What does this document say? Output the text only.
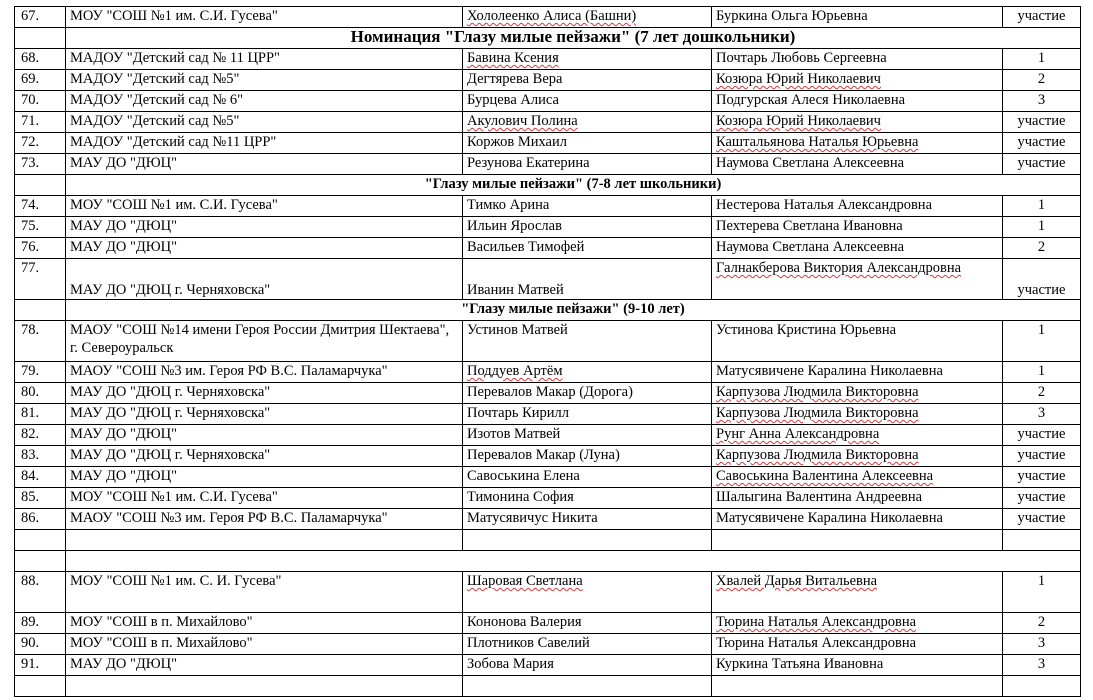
67.	МОУ "СОШ №1 им. С.И. Гусева"	Хололеенко Алиса (Башни)	Буркина Ольга Юрьевна	участие
	Номинация "Глазу милые пейзажи" (7 лет дошкольники)			
68.	МАДОУ "Детский сад № 11 ЦРР"	Бавина Ксения	Почтарь Любовь Сергеевна	1
69.	МАДОУ "Детский сад №5"	Дегтярева Вера	Козюра Юрий Николаевич	2
70.	МАДОУ "Детский сад № 6"	Бурцева Алиса	Подгурская Алеся Николаевна	3
71.	МАДОУ "Детский сад №5"	Акулович Полина	Козюра Юрий Николаевич	участие
72.	МАДОУ "Детский сад №11 ЦРР"	Коржов Михаил	Каштальянова Наталья Юрьевна	участие
73.	МАУ ДО "ДЮЦ"	Резунова Екатерина	Наумова Светлана Алексеевна	участие
	"Глазу милые пейзажи" (7-8 лет школьники)			
74.	МОУ "СОШ №1 им. С.И. Гусева"	Тимко Арина	Нестерова Наталья Александровна	1
75.	МАУ ДО "ДЮЦ"	Ильин Ярослав	Пехтерева Светлана Ивановна	1
76.	МАУ ДО "ДЮЦ"	Васильев Тимофей	Наумова Светлана Алексеевна	2
77.	МАУ ДО "ДЮЦ г. Черняховска"	Иванин Матвей	Галнакберова Виктория Александровна	участие
	"Глазу милые пейзажи" (9-10 лет)			
78.	МАОУ "СОШ №14 имени Героя России Дмитрия Шектаева", г. Североуральск	Устинов Матвей	Устинова Кристина Юрьевна	1
79.	МАОУ "СОШ №3 им. Героя РФ В.С. Паламарчука"	Поддуев Артём	Матусявичене Каралина Николаевна	1
80.	МАУ ДО "ДЮЦ г. Черняховска"	Перевалов Макар (Дорога)	Карпузова Людмила Викторовна	2
81.	МАУ ДО "ДЮЦ г. Черняховска"	Почтарь Кирилл	Карпузова Людмила Викторовна	3
82.	МАУ ДО "ДЮЦ"	Изотов Матвей	Рунг Анна Александровна	участие
83.	МАУ ДО "ДЮЦ г. Черняховска"	Перевалов Макар (Луна)	Карпузова Людмила Викторовна	участие
84.	МАУ ДО "ДЮЦ"	Савоськина Елена	Савоськина Валентина Алексеевна	участие
85.	МОУ "СОШ №1 им. С.И. Гусева"	Тимонина София	Шалыгина Валентина Андреевна	участие
86.	МАОУ "СОШ №3 им. Героя РФ В.С. Паламарчука"	Матусявичус Никита	Матусявичене Каралина Николаевна	участие

88.	МОУ "СОШ №1 им. С. И. Гусева"	Шаровая Светлана	Хвалей Дарья Витальевна	1
89.	МОУ "СОШ в п. Михайлово"	Кононова Валерия	Тюрина Наталья Александровна	2
90.	МОУ "СОШ в п. Михайлово"	Плотников Савелий	Тюрина Наталья Александровна	3
91.	МАУ ДО "ДЮЦ"	Зобова Мария	Куркина Татьяна Ивановна	3
